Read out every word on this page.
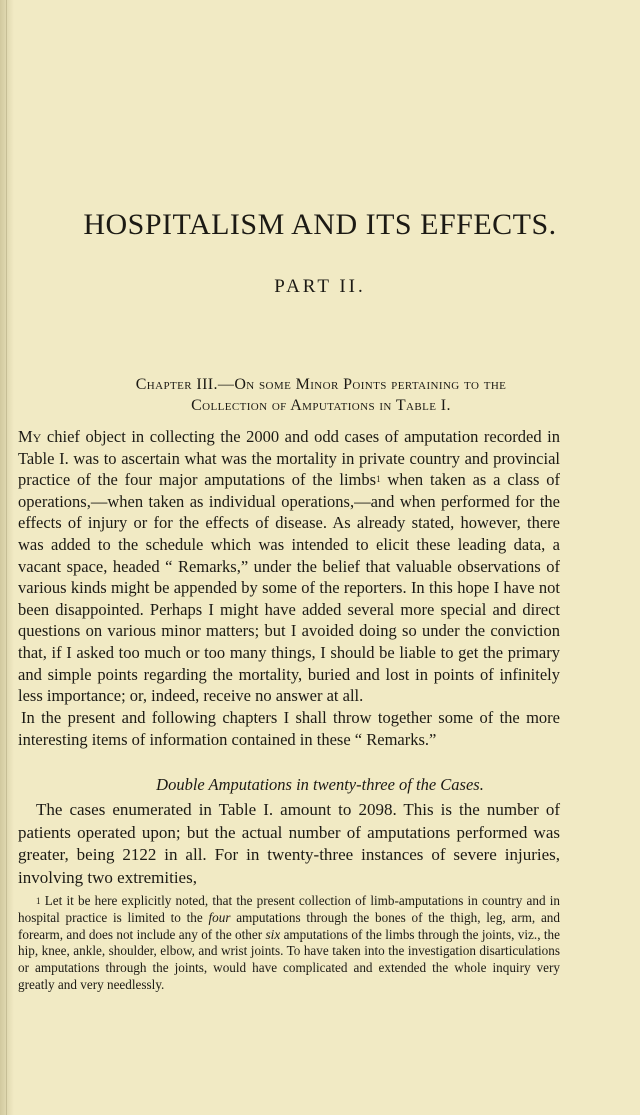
HOSPITALISM AND ITS EFFECTS.
PART II.
Chapter III.—On some Minor Points pertaining to the
Collection of Amputations in Table I.

My chief object in collecting the 2000 and odd cases of amputation recorded in Table I. was to ascertain what was the mortality in private country and provincial practice of the four major amputations of the limbs$^1$ when taken as a class of operations,—when taken as individual operations,—and when performed for the effects of injury or for the effects of disease. As already stated, however, there was added to the schedule which was intended to elicit these leading data, a vacant space, headed “ Remarks,” under the belief that valuable observations of various kinds might be appended by some of the reporters. In this hope I have not been disappointed. Perhaps I might have added several more special and direct questions on various minor matters; but I avoided doing so under the conviction that, if I asked too much or too many things, I should be liable to get the primary and simple points regarding the mortality, buried and lost in points of infinitely less importance; or, indeed, receive no answer at all.

In the present and following chapters I shall throw together some of the more interesting items of information contained in these “ Remarks.”

Double Amputations in twenty-three of the Cases.

The cases enumerated in Table I. amount to 2098. This is the number of patients operated upon; but the actual number of amputations performed was greater, being 2122 in all. For in twenty-three instances of severe injuries, involving two extremities,

$^1$ Let it be here explicitly noted, that the present collection of limb-amputations in country and in hospital practice is limited to the four amputations through the bones of the thigh, leg, arm, and forearm, and does not include any of the other six amputations of the limbs through the joints, viz., the hip, knee, ankle, shoulder, elbow, and wrist joints. To have taken into the investigation disarticulations or amputations through the joints, would have complicated and extended the whole inquiry very greatly and very needlessly.
